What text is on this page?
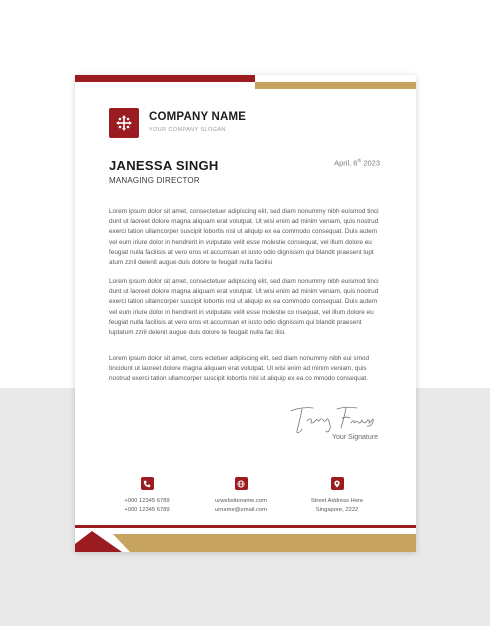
COMPANY NAME
YOUR COMPANY SLOGAN
JANESSA SINGH
MANAGING DIRECTOR
April, 6th 2023
Lorem ipsum dolor sit amet, consectetuer adipiscing elit, sed diam nonummy nibh euismod tinci dunt ut laoreet dolore magna aliquam erat volutpat. Ut wisi enim ad minim veniam, quis nostrud exerci tation ullamcorper suscipit lobortis nisl ut aliquip ex ea commodo consequat. Duis autem vel eum iriure dolor in hendrerit in vulputate velit esse molestie consequat, vel illum dolore eu feugiat nulla facilisis at vero eros et accumsan et iusto odio dignissim qui blandit praesent lupt atum zzril delenit augue duis dolore te feugait nulla facilisi
Lorem ipsum dolor sit amet, consectetuer adipiscing elit, sed diam nonummy nibh euismod tinci dunt ut laoreet dolore magna aliquam erat volutpat. Ut wisi enim ad minim veniam, quis nostrud exerci tation ullamcorper suscipit lobortis nisl ut aliquip ex ea commodo consequat. Duis autem vel eum iriure dolor in hendrerit in vulputate velit esse molestie co nsequat, vel illum dolore eu feugiat nulla facilisis at vero eros et accumsan et iusto odio dignissim qui blandit praesent luptatum zzril delenit augue duis dolore te feugait nulla fac ilisi.
Lorem ipsum dolor sit amet, cons ectetuer adipiscing elit, sed diam nonummy nibh eui smod tincidunt ut laoreet dolore magna aliquam erat volutpat. Ut wisi enim ad minim veniam, quis nostrud exerci tation ullamcorper suscipit lobortis nisl ut aliquip ex ea co mmodo consequat.
Your Signature
+000 12345 6789
+000 12345 6789
urwebsitename.com
urname@email.com
Street Address Here
Singapore, 2222
